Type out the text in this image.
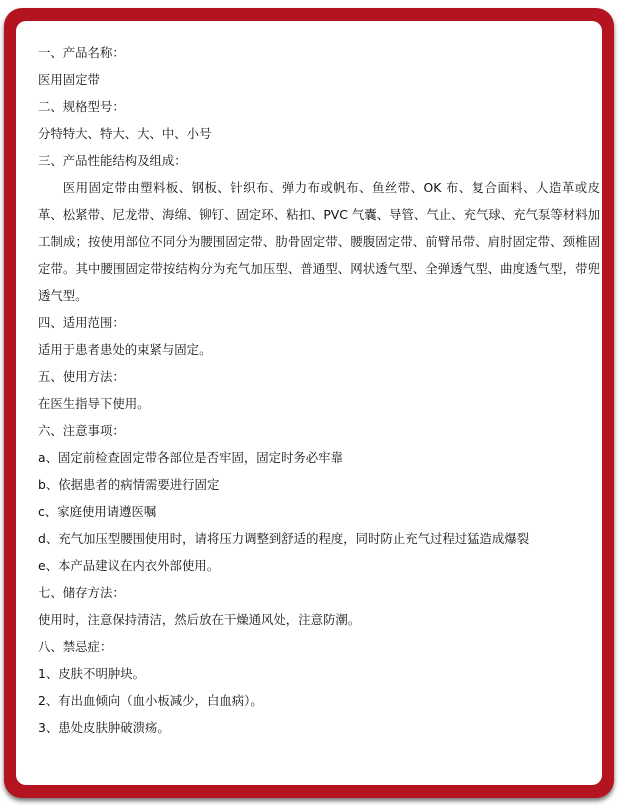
一、产品名称：
医用固定带
二、规格型号：
分特特大、特大、大、中、小号
三、产品性能结构及组成：
医用固定带由塑料板、钢板、针织布、弹力布或帆布、鱼丝带、OK 布、复合面料、人造革或皮革、松紧带、尼龙带、海绵、铆钉、固定环、粘扣、PVC 气囊、导管、气止、充气球、充气泵等材料加工制成；按使用部位不同分为腰围固定带、肋骨固定带、腰腹固定带、前臂吊带、肩肘固定带、颈椎固定带。其中腰围固定带按结构分为充气加压型、普通型、网状透气型、全弹透气型、曲度透气型，带兜透气型。
四、适用范围：
适用于患者患处的束紧与固定。
五、使用方法：
在医生指导下使用。
六、注意事项：
a、固定前检查固定带各部位是否牢固，固定时务必牢靠
b、依据患者的病情需要进行固定
c、家庭使用请遵医嘱
d、充气加压型腰围使用时，请将压力调整到舒适的程度，同时防止充气过程过猛造成爆裂
e、本产品建议在内衣外部使用。
七、储存方法：
使用时，注意保持清洁，然后放在干燥通风处，注意防潮。
八、禁忌症：
1、皮肤不明肿块。
2、有出血倾向（血小板减少，白血病）。
3、患处皮肤肿破溃疡。
